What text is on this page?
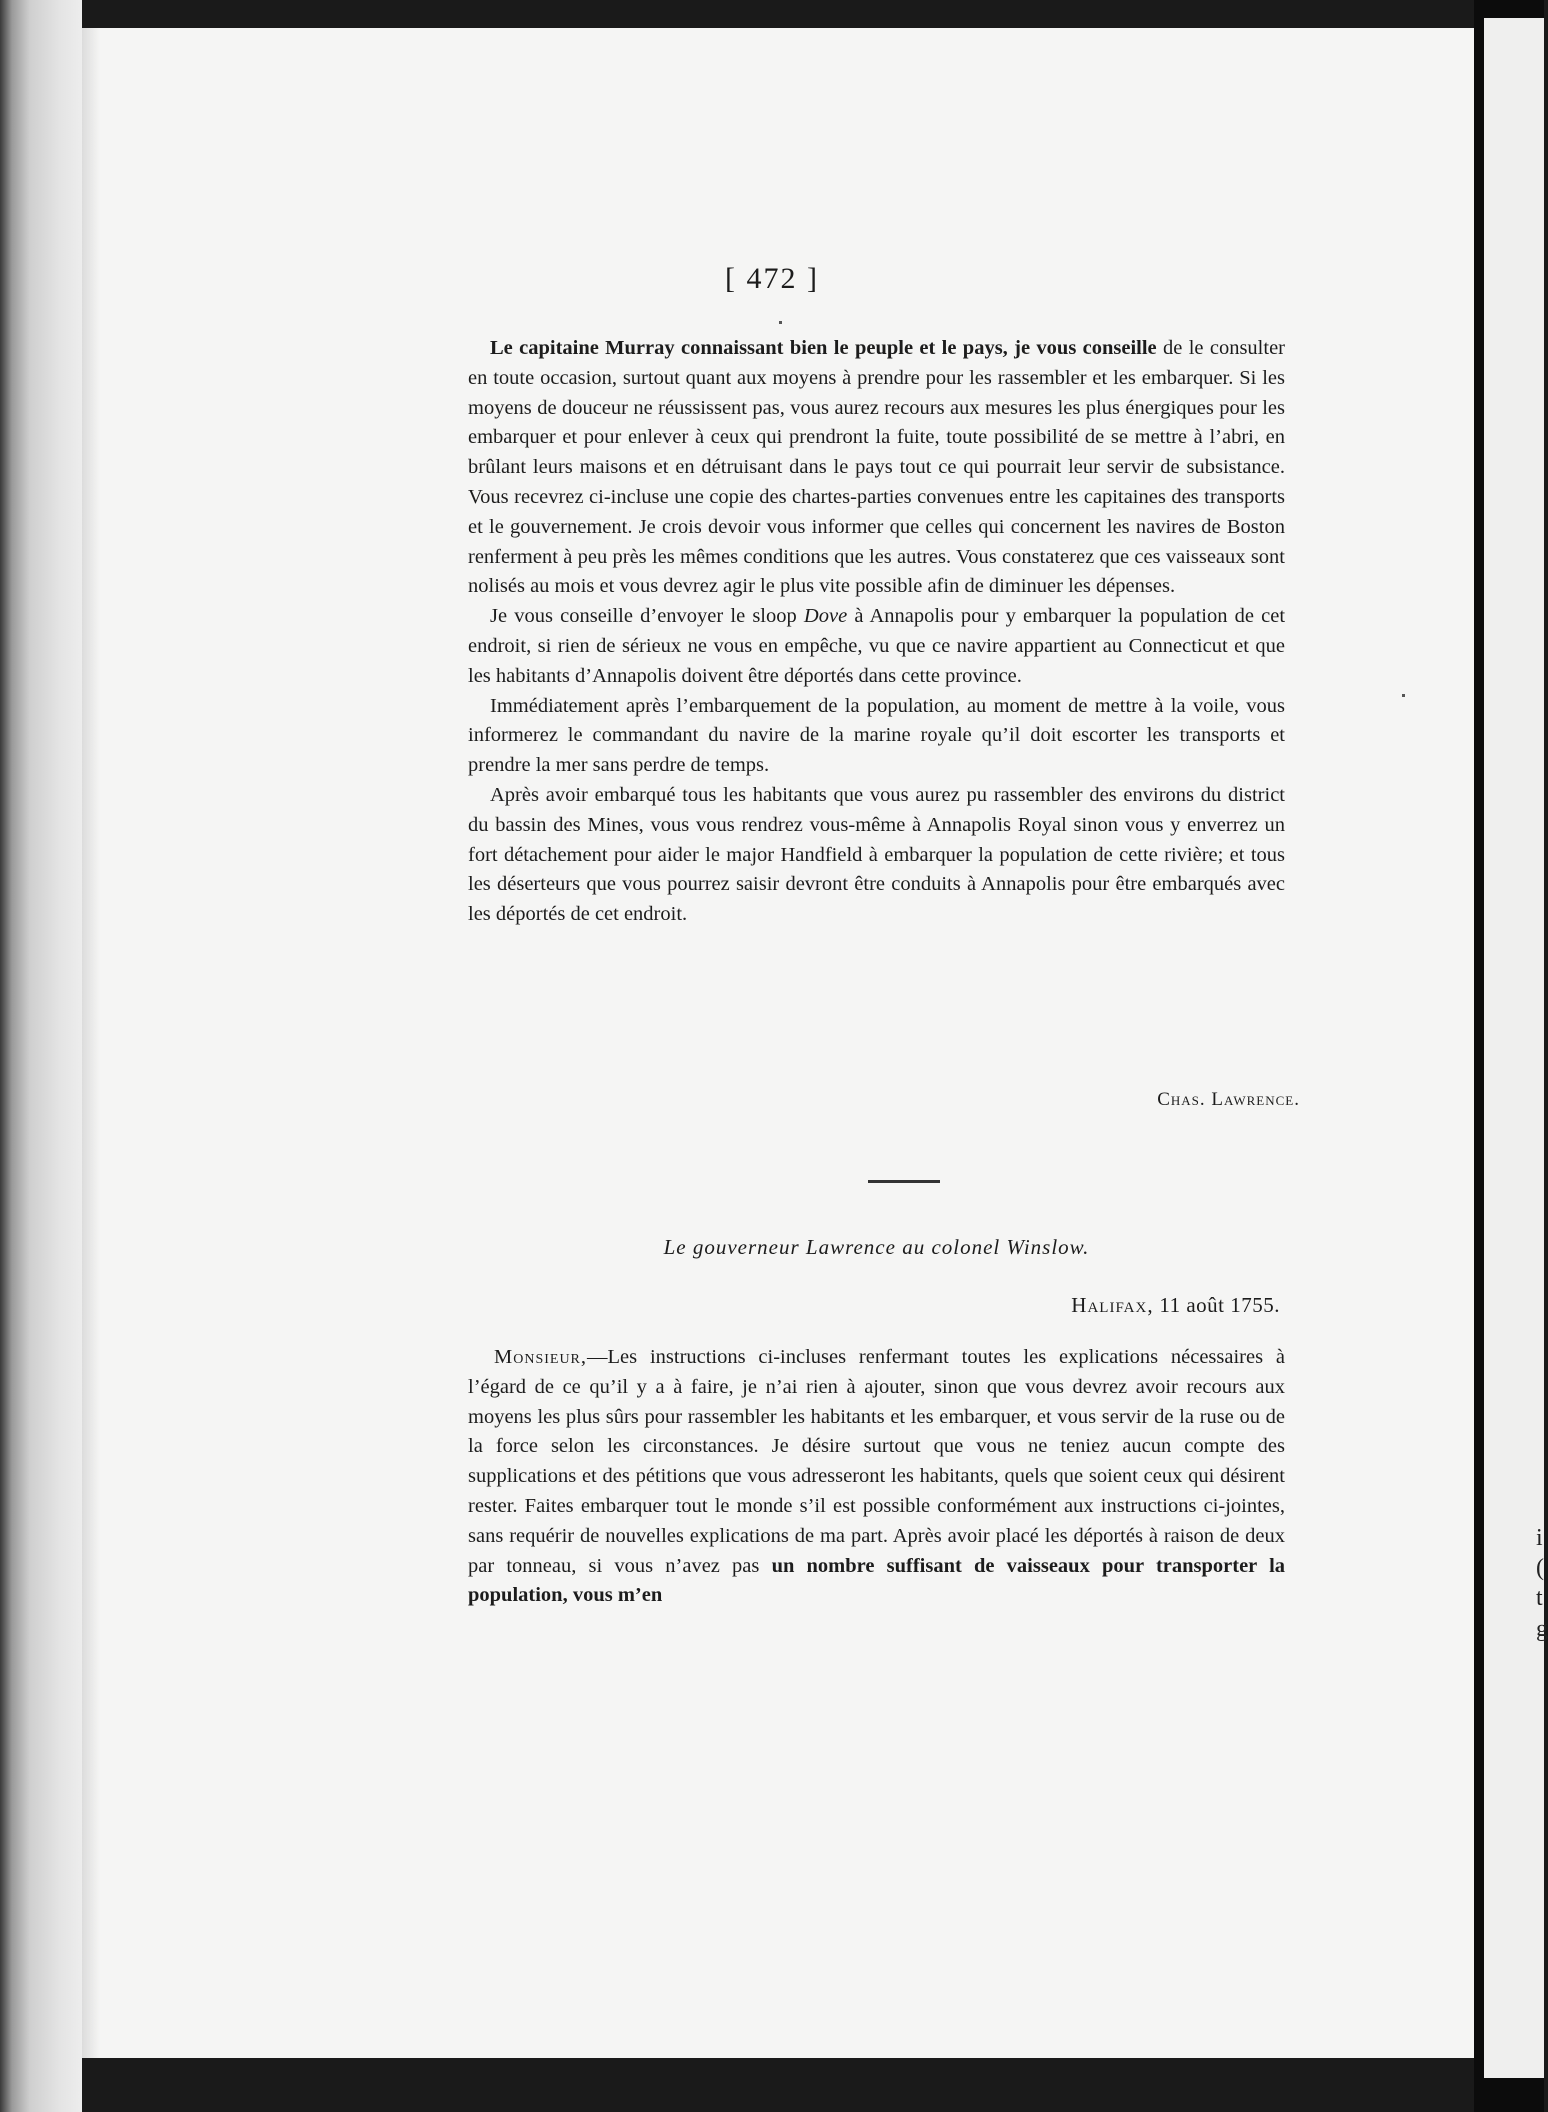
i
(
t
g
[ 472 ]

Le capitaine Murray connaissant bien le peuple et le pays, je vous conseille de le consulter en toute occasion, surtout quant aux moyens à prendre pour les rassembler et les embarquer. Si les moyens de douceur ne réussissent pas, vous aurez recours aux mesures les plus énergiques pour les embarquer et pour enlever à ceux qui prendront la fuite, toute possibilité de se mettre à l’abri, en brûlant leurs maisons et en détruisant dans le pays tout ce qui pourrait leur servir de subsistance. Vous recevrez ci-incluse une copie des chartes-parties convenues entre les capitaines des transports et le gouvernement. Je crois devoir vous informer que celles qui concernent les navires de Boston renferment à peu près les mêmes conditions que les autres. Vous constaterez que ces vaisseaux sont nolisés au mois et vous devrez agir le plus vite possible afin de diminuer les dépenses.

Je vous conseille d’envoyer le sloop Dove à Annapolis pour y embarquer la population de cet endroit, si rien de sérieux ne vous en empêche, vu que ce navire appartient au Connecticut et que les habitants d’Annapolis doivent être déportés dans cette province.

Immédiatement après l’embarquement de la population, au moment de mettre à la voile, vous informerez le commandant du navire de la marine royale qu’il doit escorter les transports et prendre la mer sans perdre de temps.

Après avoir embarqué tous les habitants que vous aurez pu rassembler des environs du district du bassin des Mines, vous vous rendrez vous-même à Annapolis Royal sinon vous y enverrez un fort détachement pour aider le major Handfield à embarquer la population de cette rivière; et tous les déserteurs que vous pourrez saisir devront être conduits à Annapolis pour être embarqués avec les déportés de cet endroit.

Chas. Lawrence.
Le gouverneur Lawrence au colonel Winslow.
Halifax, 11 août 1755.

Monsieur,—Les instructions ci-incluses renfermant toutes les explications nécessaires à l’égard de ce qu’il y a à faire, je n’ai rien à ajouter, sinon que vous devrez avoir recours aux moyens les plus sûrs pour rassembler les habitants et les embarquer, et vous servir de la ruse ou de la force selon les circonstances. Je désire surtout que vous ne teniez aucun compte des supplications et des pétitions que vous adresseront les habitants, quels que soient ceux qui désirent rester. Faites embarquer tout le monde s’il est possible conformément aux instructions ci-jointes, sans requérir de nouvelles explications de ma part. Après avoir placé les déportés à raison de deux par tonneau, si vous n’avez pas un nombre suffisant de vaisseaux pour transporter la population, vous m’en
